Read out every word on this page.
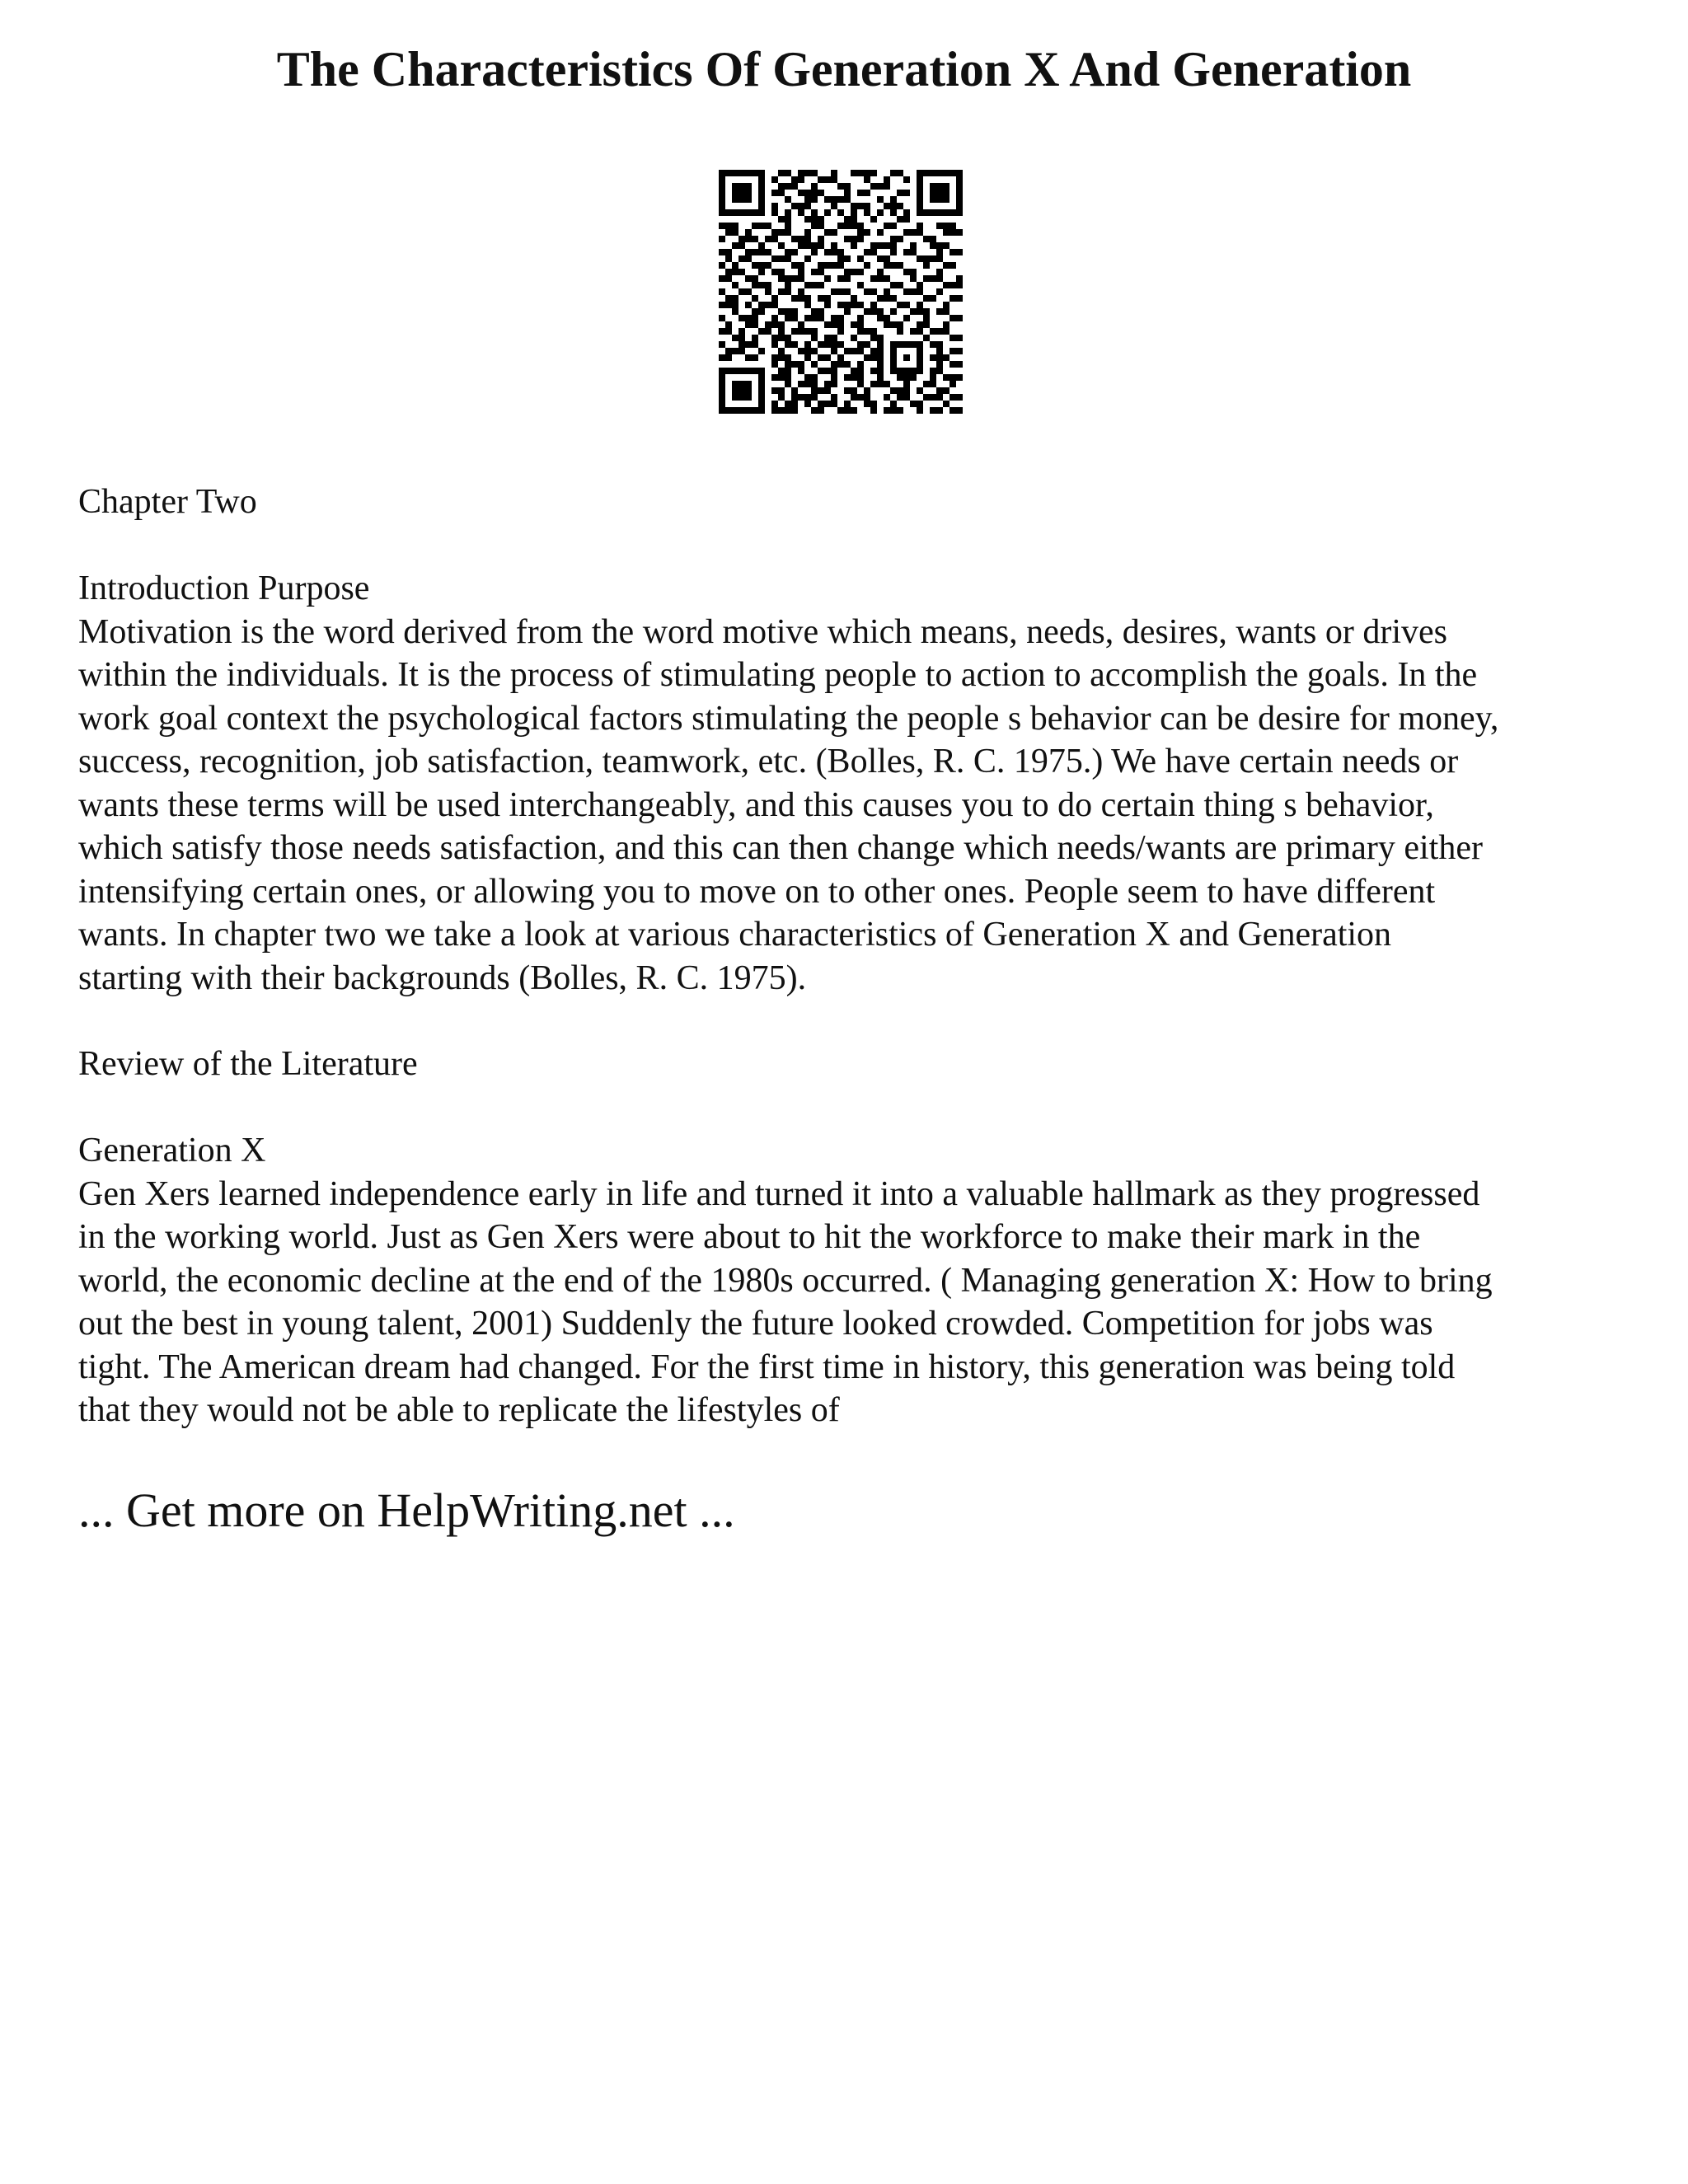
The Characteristics Of Generation X And Generation

Chapter Two

Introduction Purpose
Motivation is the word derived from the word motive which means, needs, desires, wants or drives
within the individuals. It is the process of stimulating people to action to accomplish the goals. In the
work goal context the psychological factors stimulating the people s behavior can be desire for money,
success, recognition, job satisfaction, teamwork, etc. (Bolles, R. C. 1975.) We have certain needs or
wants these terms will be used interchangeably, and this causes you to do certain thing s behavior,
which satisfy those needs satisfaction, and this can then change which needs/wants are primary either
intensifying certain ones, or allowing you to move on to other ones. People seem to have different
wants. In chapter two we take a look at various characteristics of Generation X and Generation
starting with their backgrounds (Bolles, R. C. 1975).

Review of the Literature

Generation X
Gen Xers learned independence early in life and turned it into a valuable hallmark as they progressed
in the working world. Just as Gen Xers were about to hit the workforce to make their mark in the
world, the economic decline at the end of the 1980s occurred. ( Managing generation X: How to bring
out the best in young talent, 2001) Suddenly the future looked crowded. Competition for jobs was
tight. The American dream had changed. For the first time in history, this generation was being told
that they would not be able to replicate the lifestyles of
... Get more on HelpWriting.net ...
